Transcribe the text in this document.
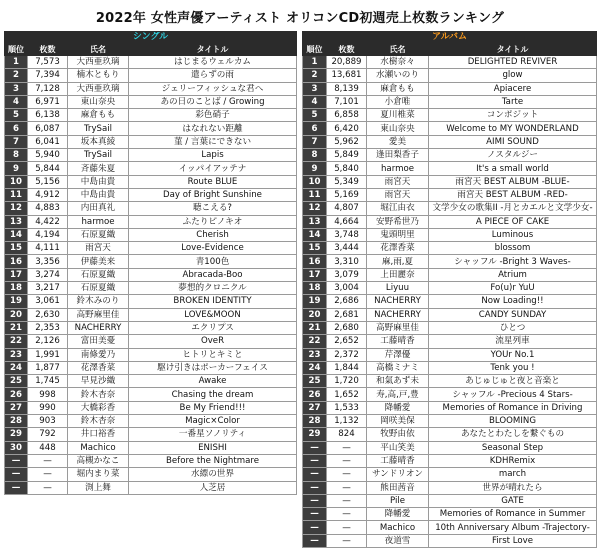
2022年 女性声優アーティスト オリコンCD初週売上枚数ランキング
シングル			
順位	枚数	氏名	タイトル
1	7,573	大西亜玖璃	はじまるウェルカム
2	7,394	楠木ともり	遣らずの雨
3	7,128	大西亜玖璃	ジェリーフィッシュな君へ
4	6,971	東山奈央	あの日のことば / Growing
5	6,138	麻倉もも	彩色硝子
6	6,087	TrySail	はなれない距離
7	6,041	坂本真綾	菫 / 言葉にできない
8	5,940	TrySail	Lapis
9	5,844	斉藤朱夏	イッパイアッテナ
10	5,156	中島由貴	Route BLUE
11	4,912	中島由貴	Day of Bright Sunshine
12	4,883	内田真礼	聴こえる?
13	4,422	harmoe	ふたりピノキオ
14	4,194	石原夏織	Cherish
15	4,111	雨宮天	Love-Evidence
16	3,356	伊藤美来	青100色
17	3,274	石原夏織	Abracada-Boo
18	3,217	石原夏織	夢想的クロニクル
19	3,061	鈴木みのり	BROKEN IDENTITY
20	2,630	高野麻里佳	LOVE&MOON
21	2,353	NACHERRY	エクリプス
22	2,126	富田美憂	OveR
23	1,991	南條愛乃	ヒトリとキミと
24	1,877	花澤香菜	駆け引きはポーカーフェイス
25	1,745	早見沙織	Awake
26	998	鈴木杏奈	Chasing the dream
27	990	大橋彩香	Be My Friend!!!
28	903	鈴木杏奈	Magic×Color
29	792	井口裕香	一番星ソノリティ
30	448	Machico	ENISHI
—	—	高槻かなこ	Before the Nightmare
—	—	堀内まり菜	水縹の世界
—	—	渕上舞	人芝居
アルバム			
順位	枚数	氏名	タイトル
1	20,889	水樹奈々	DELIGHTED REVIVER
2	13,681	水瀬いのり	glow
3	8,139	麻倉もも	Apiacere
4	7,101	小倉唯	Tarte
5	6,858	夏川椎菜	コンポジット
6	6,420	東山奈央	Welcome to MY WONDERLAND
7	5,962	愛美	AIMI SOUND
8	5,849	逢田梨香子	ノスタルジー
9	5,840	harmoe	It's a small world
10	5,349	雨宮天	雨宮天 BEST ALBUM -BLUE-
11	5,169	雨宮天	雨宮天 BEST ALBUM -RED-
12	4,807	堀江由衣	文学少女の歌集II -月とカエルと文学少女-
13	4,664	安野希世乃	A PIECE OF CAKE
14	3,748	鬼頭明里	Luminous
15	3,444	花澤香菜	blossom
16	3,310	麻,雨,夏	シャッフル -Bright 3 Waves-
17	3,079	上田麗奈	Atrium
18	3,004	Liyuu	Fo(u)r YuU
19	2,686	NACHERRY	Now Loading!!
20	2,681	NACHERRY	CANDY SUNDAY
21	2,680	高野麻里佳	ひとつ
22	2,652	工藤晴香	流星列車
23	2,372	芹澤優	YOUr No.1
24	1,844	高橋ミナミ	Tenk you !
25	1,720	和氣あず未	あじゅじゅと夜と音楽と
26	1,652	寿,高,戸,豊	シャッフル -Precious 4 Stars-
27	1,533	降幡愛	Memories of Romance in Driving
28	1,132	岡咲美保	BLOOMING
29	824	牧野由依	あなたとわたしを繋ぐもの
—	—	平山笑美	Seasonal Step
—	—	工藤晴香	KDHRemix
—	—	サンドリオン	march
—	—	熊田茜音	世界が晴れたら
—	—	Pile	GATE
—	—	降幡愛	Memories of Romance in Summer
—	—	Machico	10th Anniversary Album -Trajectory-
—	—	夜道雪	First Love
